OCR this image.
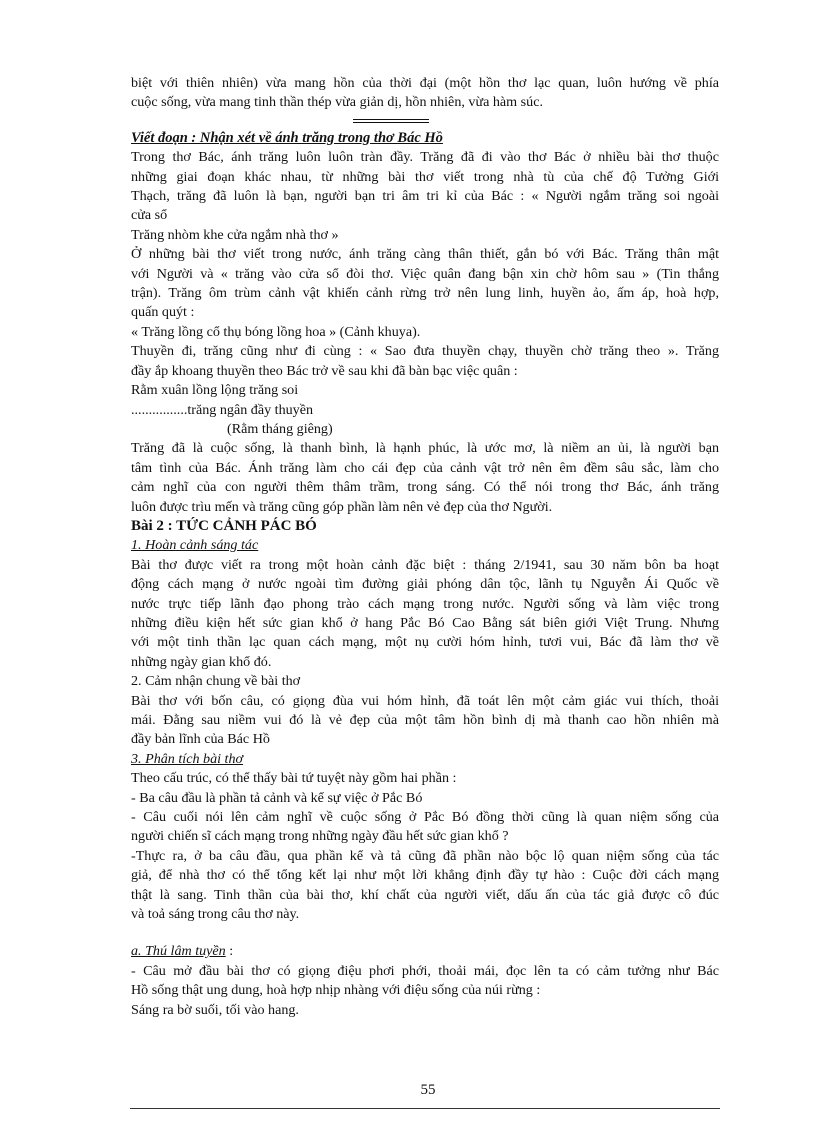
biệt với thiên nhiên) vừa mang hồn của thời đại (một hồn thơ lạc quan, luôn hướng về phía

cuộc sống, vừa mang tinh thần thép vừa giản dị, hồn nhiên, vừa hàm súc.

Viết đoạn : Nhận xét về ánh trăng trong thơ Bác Hồ

Trong thơ Bác, ánh trăng luôn luôn tràn đầy. Trăng đã đi vào thơ Bác ở nhiều bài thơ thuộc

những giai đoạn khác nhau, từ những bài thơ viết trong nhà tù của chế độ Tưởng Giới

Thạch, trăng đã luôn là bạn, người bạn tri âm tri kỉ của Bác : « Người ngắm trăng soi ngoài

cửa sổ

Trăng nhòm khe cửa ngắm nhà thơ »

Ở những bài thơ viết trong nước, ánh trăng càng thân thiết, gắn bó với Bác. Trăng thân mật

với Người và « trăng vào cửa sổ đòi thơ. Việc quân đang bận xin chờ hôm sau » (Tin thắng

trận). Trăng ôm trùm cảnh vật khiến cảnh rừng trở nên lung linh, huyền ảo, ấm áp, hoà hợp,

quấn quýt :

« Trăng lồng cổ thụ bóng lồng hoa » (Cảnh khuya).

Thuyền đi, trăng cũng như đi cùng : « Sao đưa thuyền chạy, thuyền chờ trăng theo ». Trăng

đầy ắp khoang thuyền theo Bác trở về sau khi đã bàn bạc việc quân :

Rằm xuân lồng lộng trăng soi

................trăng ngân đầy thuyền

(Rằm tháng giêng)

Trăng đã là cuộc sống, là thanh bình, là hạnh phúc, là ước mơ, là niềm an ủi, là người bạn

tâm tình của Bác. Ánh trăng làm cho cái đẹp của cảnh vật trở nên êm đềm sâu sắc, làm cho

cảm nghĩ của con người thêm thâm trầm, trong sáng. Có thể nói trong thơ Bác, ánh trăng

luôn được trìu mến và trăng cũng góp phần làm nên vẻ đẹp của thơ Người.

Bài 2 : TỨC CẢNH PÁC BÓ

1. Hoàn cảnh sáng tác

Bài thơ được viết ra trong một hoàn cảnh đặc biệt : tháng 2/1941, sau 30 năm bôn ba hoạt

động cách mạng ở nước ngoài tìm đường giải phóng dân tộc, lãnh tụ Nguyễn Ái Quốc về

nước trực tiếp lãnh đạo phong trào cách mạng trong nước. Người sống và làm việc trong

những điều kiện hết sức gian khổ ở hang Pắc Bó Cao Bằng sát biên giới Việt Trung. Nhưng

với một tinh thần lạc quan cách mạng, một nụ cười hóm hỉnh, tươi vui, Bác đã làm thơ về

những ngày gian khổ đó.

2. Cảm nhận chung về bài thơ

Bài thơ với bốn câu, có giọng đùa vui hóm hỉnh, đã toát lên một cảm giác vui thích, thoải

mái. Đằng sau niềm vui đó là vẻ đẹp của một tâm hồn bình dị mà thanh cao hồn nhiên mà

đầy bản lĩnh của Bác Hồ

3. Phân tích bài thơ

Theo cấu trúc, có thể thấy bài tứ tuyệt này gồm hai phần :

- Ba câu đầu là phần tả cảnh và kể sự việc ở Pắc Bó

- Câu cuối nói lên cảm nghĩ về cuộc sống ở Pắc Bó đồng thời cũng là quan niệm sống của

người chiến sĩ cách mạng trong những ngày đầu hết sức gian khổ ?

-Thực ra, ở ba câu đầu, qua phần kể và tả cũng đã phần nào bộc lộ quan niệm sống của tác

giả, để nhà thơ có thể tổng kết lại như một lời khẳng định đầy tự hào : Cuộc đời cách mạng

thật là sang. Tinh thần của bài thơ, khí chất của người viết, dấu ấn của tác giả được cô đúc

và toả sáng trong câu thơ này.

a. Thú lâm tuyền :

- Câu mở đầu bài thơ có giọng điệu phơi phới, thoải mái, đọc lên ta có cảm tưởng như Bác

Hồ sống thật ung dung, hoà hợp nhịp nhàng với điệu sống của núi rừng :

Sáng ra bờ suối, tối vào hang.

55
